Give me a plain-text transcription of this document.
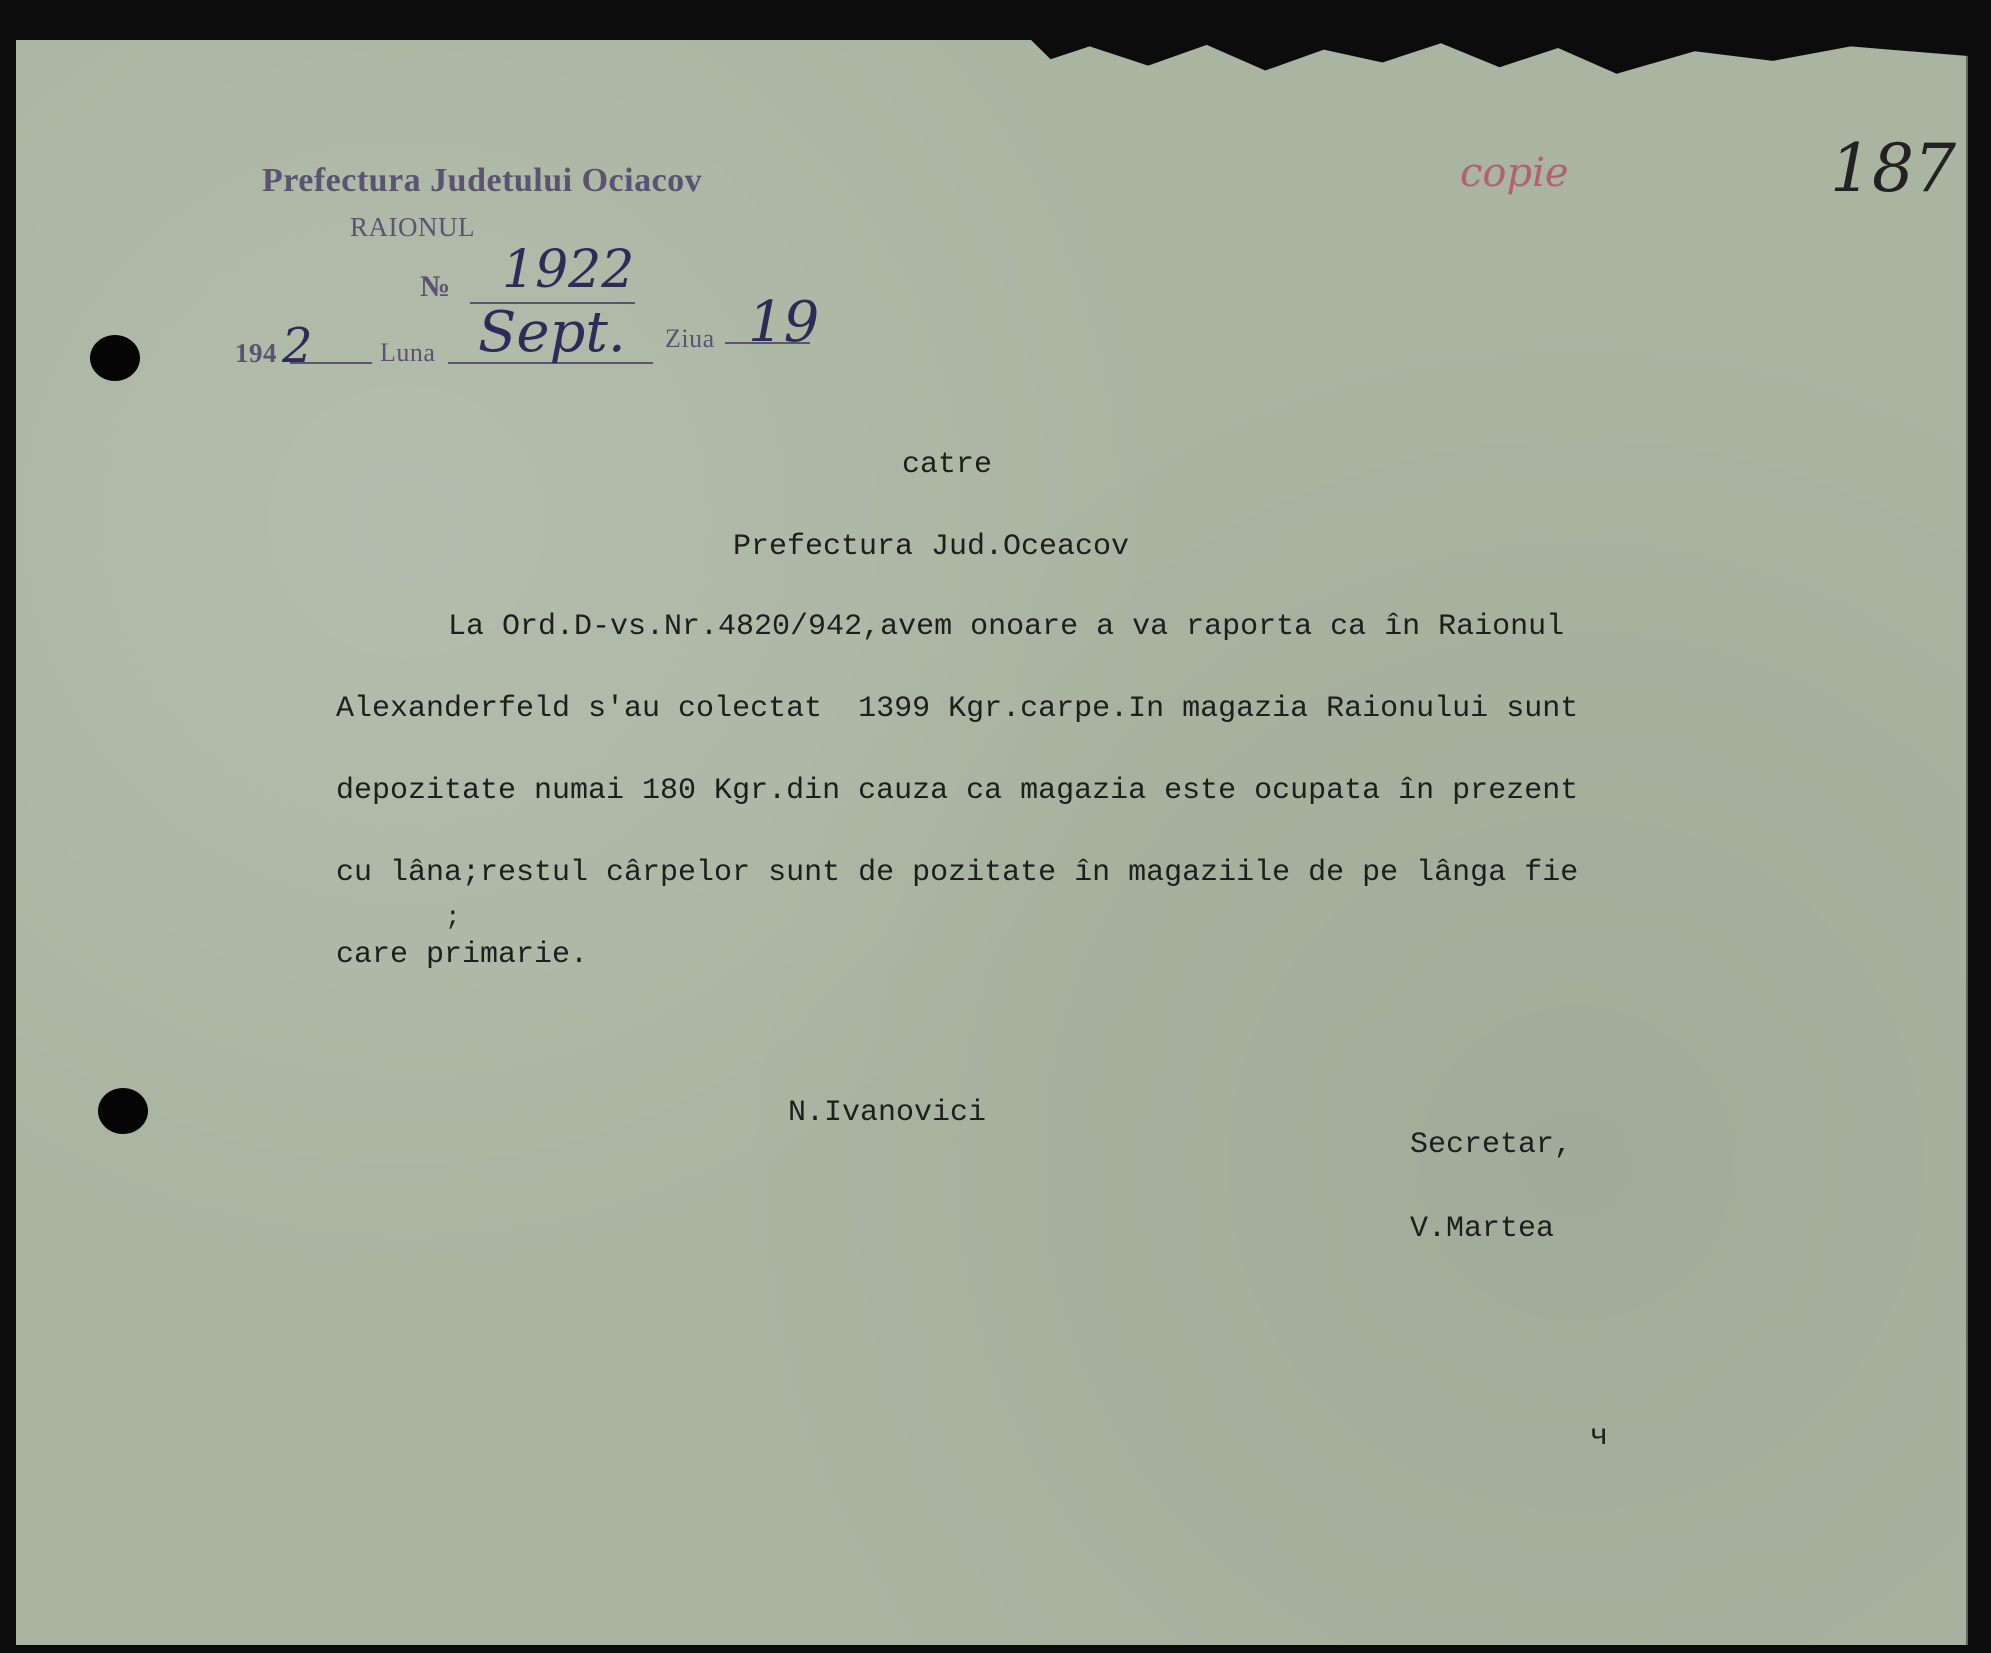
Prefectura Judetului Ociacov
RAIONUL
№
194	Luna	Ziua
1922
2	Sept. 19
copie	187
catre
Prefectura Jud.Oceacov
La Ord.D-vs.Nr.4820/942,avem onoare a va raporta ca în Raionul
Alexanderfeld s'au colectat  1399 Kgr.carpe.In magazia Raionului sunt
depozitate numai 180 Kgr.din cauza ca magazia este ocupata în prezent
cu lâna;restul cârpelor sunt de pozitate în magaziile de pe lânga fie
;
care primarie.
N.Ivanovici
Secretar,
V.Martea
ч
